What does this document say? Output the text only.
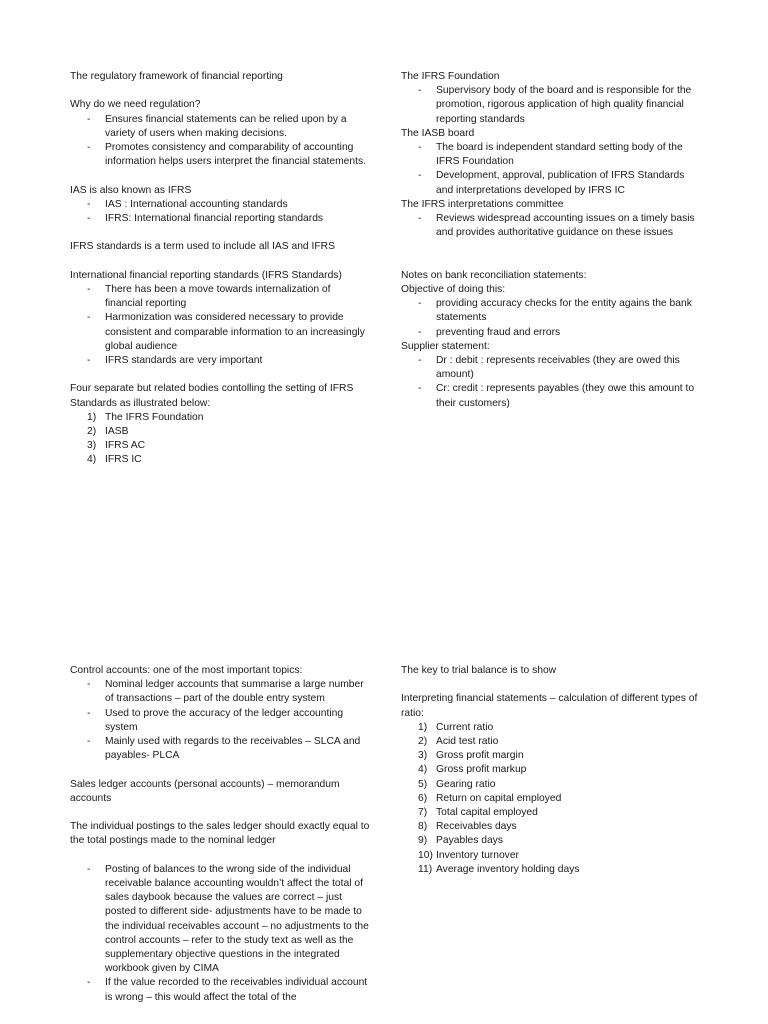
The regulatory framework of financial reporting

Why do we need regulation?

- Ensures financial statements can be relied upon by a variety of users when making decisions.
- Promotes consistency and comparability of accounting information helps users interpret the financial statements.

IAS is also known as IFRS

- IAS : International accounting standards
- IFRS: International financial reporting standards

IFRS standards is a term used to include all IAS and IFRS

International financial reporting standards (IFRS Standards)

- There has been a move towards internalization of financial reporting
- Harmonization was considered necessary to provide consistent and comparable information to an increasingly global audience
- IFRS standards are very important

Four separate but related bodies contolling the setting of IFRS Standards as illustrated below:

1) The IFRS Foundation
2) IASB
3) IFRS AC
4) IFRS IC

The IFRS Foundation

- Supervisory body of the board and is responsible for the promotion, rigorous application of high quality financial reporting standards

The IASB board

- The board is independent standard setting body of the IFRS Foundation
- Development, approval, publication of IFRS Standards and interpretations developed by IFRS IC

The IFRS interpretations committee

- Reviews widespread accounting issues on a timely basis and provides authoritative guidance on these issues

Notes on bank reconciliation statements:

Objective of doing this:

- providing accuracy checks for the entity agains the bank statements
- preventing fraud and errors

Supplier statement:

- Dr : debit : represents receivables (they are owed this amount)
- Cr: credit : represents payables (they owe this amount to their customers)

Control accounts: one of the most important topics:

- Nominal ledger accounts that summarise a large number of transactions – part of the double entry system
- Used to prove the accuracy of the ledger accounting system
- Mainly used with regards to the receivables – SLCA and payables- PLCA

Sales ledger accounts (personal accounts) – memorandum accounts

The individual postings to the sales ledger should exactly equal to the total postings made to the nominal ledger

- Posting of balances to the wrong side of the individual receivable balance accounting wouldn’t affect the total of sales daybook because the values are correct – just posted to different side- adjustments have to be made to the individual receivables account – no adjustments to the control accounts – refer to the study text as well as the supplementary objective questions in the integrated workbook given by CIMA
- If the value recorded to the receivables individual account is wrong – this would affect the total of the

The key to trial balance is to show

Interpreting financial statements – calculation of different types of ratio:

1) Current ratio
2) Acid test ratio
3) Gross profit margin
4) Gross profit markup
5) Gearing ratio
6) Return on capital employed
7) Total capital employed
8) Receivables days
9) Payables days
10) Inventory turnover
11) Average inventory holding days
